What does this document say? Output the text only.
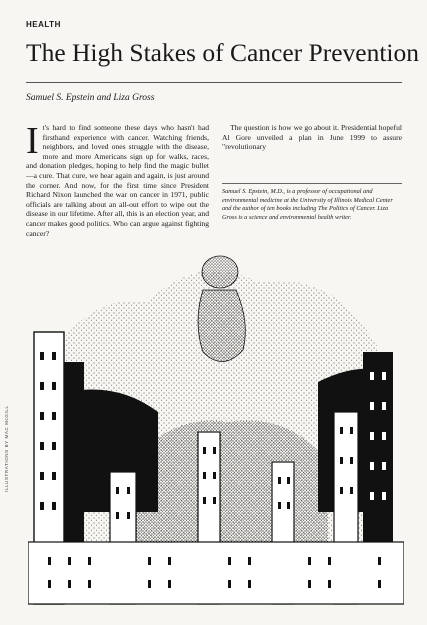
HEALTH
The High Stakes of Cancer Prevention
Samuel S. Epstein and Liza Gross
I t's hard to find someone these days who hasn't had firsthand experience with cancer. Watching friends, neighbors, and loved ones struggle with the disease, more and more Americans sign up for walks, races, and donation pledges, hoping to help find the magic bullet—a cure. That cure, we hear again and again, is just around the corner. And now, for the first time since President Richard Nixon launched the war on cancer in 1971, public officials are talking about an all-out effort to wipe out the disease in our lifetime. After all, this is an election year, and cancer makes good politics. Who can argue against fighting cancer?

The question is how we go about it. Presidential hopeful Al Gore unveiled a plan in June 1999 to assure "revolutionary

Samuel S. Epstein, M.D., is a professor of occupational and environmental medicine at the University of Illinois Medical Center and the author of ten books including The Politics of Cancer. Liza Gross is a science and environmental health writer.

ILLUSTRATIONS BY MAC McGILL
